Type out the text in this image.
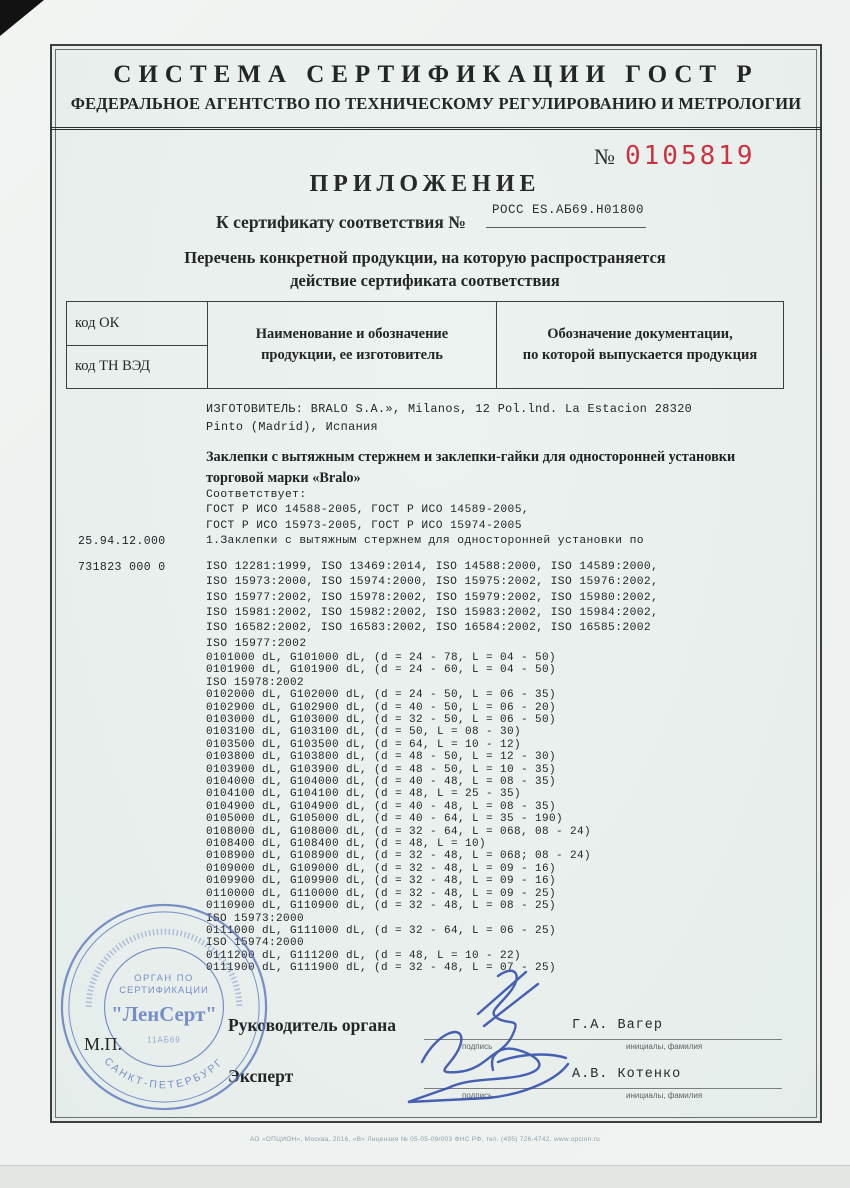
СИСТЕМА СЕРТИФИКАЦИИ ГОСТ Р
ФЕДЕРАЛЬНОЕ АГЕНТСТВО ПО ТЕХНИЧЕСКОМУ РЕГУЛИРОВАНИЮ И МЕТРОЛОГИИ
№ 0105819
ПРИЛОЖЕНИЕ
К сертификату соответствия №
РОСС ES.АБ69.Н01800
Перечень конкретной продукции, на которую распространяется
действие сертификата соответствия
код ОК
код ТН ВЭД
Наименование и обозначение
продукции, ее изготовитель
Обозначение документации,
по которой выпускается продукция
ИЗГОТОВИТЕЛЬ: BRALO S.A.», Milanos, 12 Pol.lnd. La Estacion 28320
Pinto (Madrid), Испания
Заклепки с вытяжным стержнем и заклепки-гайки для односторонней установки
торговой марки «Bralo»
Соответствует:
ГОСТ Р ИСО 14588-2005, ГОСТ Р ИСО 14589-2005,
ГОСТ Р ИСО 15973-2005, ГОСТ Р ИСО 15974-2005
25.94.12.000	1.Заклепки с вытяжным стержнем для односторонней установки по
731823 000 0	ISO 12281:1999, ISO 13469:2014, ISO 14588:2000, ISO 14589:2000,
ISO 15973:2000, ISO 15974:2000, ISO 15975:2002, ISO 15976:2002,
ISO 15977:2002, ISO 15978:2002, ISO 15979:2002, ISO 15980:2002,
ISO 15981:2002, ISO 15982:2002, ISO 15983:2002, ISO 15984:2002,
ISO 16582:2002, ISO 16583:2002, ISO 16584:2002, ISO 16585:2002
ISO 15977:2002
0101000 dL, G101000 dL, (d = 24 - 78, L = 04 - 50)
0101900 dL, G101900 dL, (d = 24 - 60, L = 04 - 50)
ISO 15978:2002
0102000 dL, G102000 dL, (d = 24 - 50, L = 06 - 35)
0102900 dL, G102900 dL, (d = 40 - 50, L = 06 - 20)
0103000 dL, G103000 dL, (d = 32 - 50, L = 06 - 50)
0103100 dL, G103100 dL, (d = 50, L = 08 - 30)
0103500 dL, G103500 dL, (d = 64, L = 10 - 12)
0103800 dL, G103800 dL, (d = 48 - 50, L = 12 - 30)
0103900 dL, G103900 dL, (d = 48 - 50, L = 10 - 35)
0104000 dL, G104000 dL, (d = 40 - 48, L = 08 - 35)
0104100 dL, G104100 dL, (d = 48, L = 25 - 35)
0104900 dL, G104900 dL, (d = 40 - 48, L = 08 - 35)
0105000 dL, G105000 dL, (d = 40 - 64, L = 35 - 190)
0108000 dL, G108000 dL, (d = 32 - 64, L = 068, 08 - 24)
0108400 dL, G108400 dL, (d = 48, L = 10)
0108900 dL, G108900 dL, (d = 32 - 48, L = 068; 08 - 24)
0109000 dL, G109000 dL, (d = 32 - 48, L = 09 - 16)
0109900 dL, G109900 dL, (d = 32 - 48, L = 09 - 16)
0110000 dL, G110000 dL, (d = 32 - 48, L = 09 - 25)
0110900 dL, G110900 dL, (d = 32 - 48, L = 08 - 25)
ISO 15973:2000
0111000 dL, G111000 dL, (d = 32 - 64, L = 06 - 25)
ISO 15974:2000
0111200 dL, G111200 dL, (d = 48, L = 10 - 22)
0111900 dL, G111900 dL, (d = 32 - 48, L = 07 - 25)
САНКТ-ПЕТЕРБУРГ
ОРГАН ПО
СЕРТИФИКАЦИИ
"ЛенСерт"
11АБ69
М.П.
Руководитель органа
подпись
Г.А. Вагер
инициалы, фамилия
Эксперт
подпись
А.В. Котенко
инициалы, фамилия
АО «ОПЦИОН», Москва, 2016, «В» Лицензия № 05-05-09/003 ФНС РФ, тел. (495) 726-4742, www.opcion.ru
